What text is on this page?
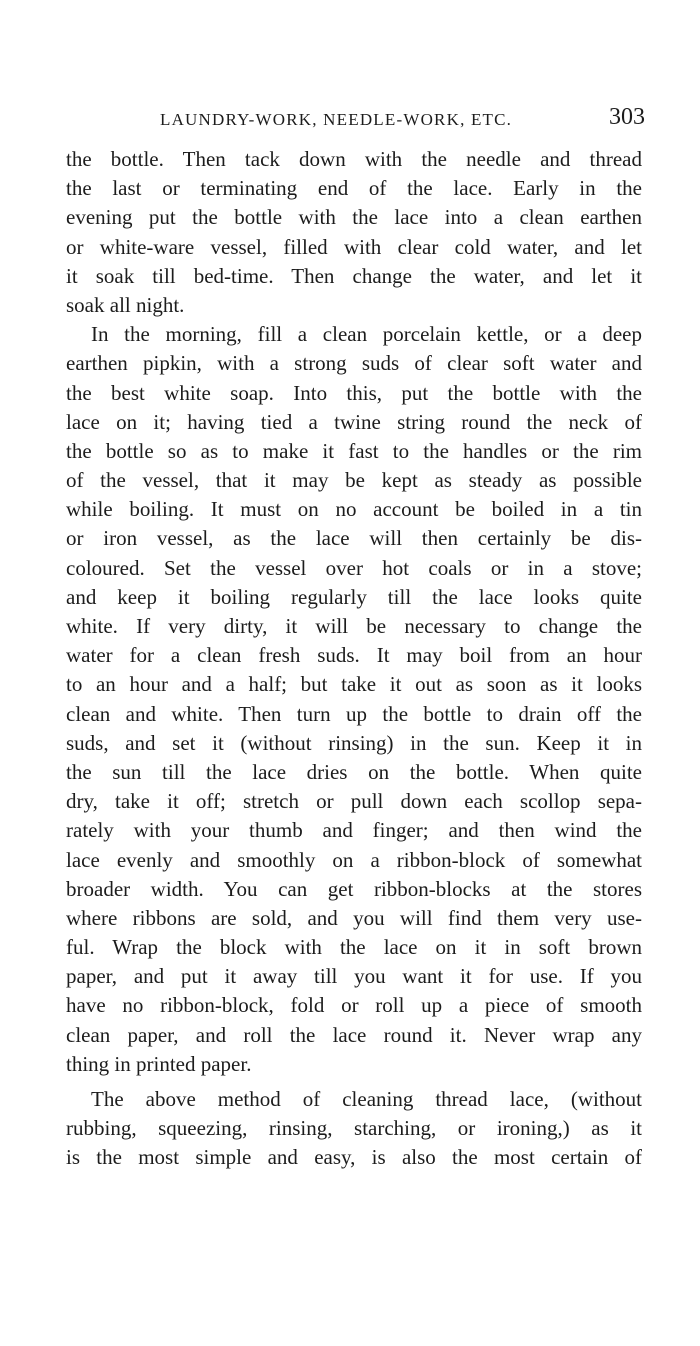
LAUNDRY-WORK, NEEDLE-WORK, ETC.	303
the bottle. Then tack down with the needle and thread
the last or terminating end of the lace. Early in the
evening put the bottle with the lace into a clean earthen
or white-ware vessel, filled with clear cold water, and let
it soak till bed-time. Then change the water, and let it
soak all night.
In the morning, fill a clean porcelain kettle, or a deep
earthen pipkin, with a strong suds of clear soft water and
the best white soap. Into this, put the bottle with the
lace on it; having tied a twine string round the neck of
the bottle so as to make it fast to the handles or the rim
of the vessel, that it may be kept as steady as possible
while boiling. It must on no account be boiled in a tin
or iron vessel, as the lace will then certainly be dis-
coloured. Set the vessel over hot coals or in a stove;
and keep it boiling regularly till the lace looks quite
white. If very dirty, it will be necessary to change the
water for a clean fresh suds. It may boil from an hour
to an hour and a half; but take it out as soon as it looks
clean and white. Then turn up the bottle to drain off the
suds, and set it (without rinsing) in the sun. Keep it in
the sun till the lace dries on the bottle. When quite
dry, take it off; stretch or pull down each scollop sepa-
rately with your thumb and finger; and then wind the
lace evenly and smoothly on a ribbon-block of somewhat
broader width. You can get ribbon-blocks at the stores
where ribbons are sold, and you will find them very use-
ful. Wrap the block with the lace on it in soft brown
paper, and put it away till you want it for use. If you
have no ribbon-block, fold or roll up a piece of smooth
clean paper, and roll the lace round it. Never wrap any
thing in printed paper.
The above method of cleaning thread lace, (without
rubbing, squeezing, rinsing, starching, or ironing,) as it
is the most simple and easy, is also the most certain of
